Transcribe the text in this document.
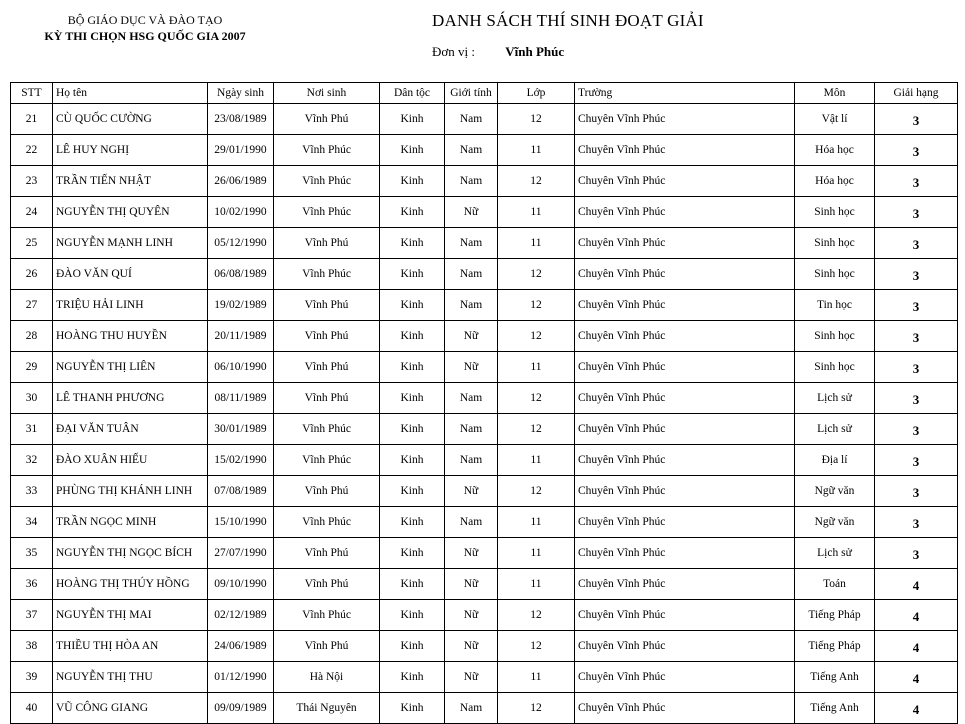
BỘ GIÁO DỤC VÀ ĐÀO TẠO
KỲ THI CHỌN HSG QUỐC GIA 2007
DANH SÁCH THÍ SINH ĐOẠT GIẢI
Đơn vị : Vĩnh Phúc
STT	Họ tên	Ngày sinh	Nơi sinh	Dân tộc	Giới tính	Lớp	Trường	Môn	Giải hạng
21	CÙ QUỐC CƯỜNG	23/08/1989	Vĩnh Phú	Kinh	Nam	12	Chuyên Vĩnh Phúc	Vật lí	3
22	LÊ HUY NGHỊ	29/01/1990	Vĩnh Phúc	Kinh	Nam	11	Chuyên Vĩnh Phúc	Hóa học	3
23	TRẦN TIẾN NHẬT	26/06/1989	Vĩnh Phúc	Kinh	Nam	12	Chuyên Vĩnh Phúc	Hóa học	3
24	NGUYỄN THỊ QUYÊN	10/02/1990	Vĩnh Phúc	Kinh	Nữ	11	Chuyên Vĩnh Phúc	Sinh học	3
25	NGUYỄN MẠNH LINH	05/12/1990	Vĩnh Phú	Kinh	Nam	11	Chuyên Vĩnh Phúc	Sinh học	3
26	ĐÀO VĂN QUÍ	06/08/1989	Vĩnh Phúc	Kinh	Nam	12	Chuyên Vĩnh Phúc	Sinh học	3
27	TRIỆU HẢI LINH	19/02/1989	Vĩnh Phú	Kinh	Nam	12	Chuyên Vĩnh Phúc	Tin học	3
28	HOÀNG THU HUYỀN	20/11/1989	Vĩnh Phú	Kinh	Nữ	12	Chuyên Vĩnh Phúc	Sinh học	3
29	NGUYỄN THỊ LIÊN	06/10/1990	Vĩnh Phú	Kinh	Nữ	11	Chuyên Vĩnh Phúc	Sinh học	3
30	LÊ THANH PHƯƠNG	08/11/1989	Vĩnh Phú	Kinh	Nam	12	Chuyên Vĩnh Phúc	Lịch sử	3
31	ĐẠI VĂN TUÂN	30/01/1989	Vĩnh Phúc	Kinh	Nam	12	Chuyên Vĩnh Phúc	Lịch sử	3
32	ĐÀO XUÂN HIẾU	15/02/1990	Vĩnh Phúc	Kinh	Nam	11	Chuyên Vĩnh Phúc	Địa lí	3
33	PHÙNG THỊ KHÁNH LINH	07/08/1989	Vĩnh Phú	Kinh	Nữ	12	Chuyên Vĩnh Phúc	Ngữ văn	3
34	TRẦN NGỌC MINH	15/10/1990	Vĩnh Phúc	Kinh	Nam	11	Chuyên Vĩnh Phúc	Ngữ văn	3
35	NGUYỄN THỊ NGỌC BÍCH	27/07/1990	Vĩnh Phú	Kinh	Nữ	11	Chuyên Vĩnh Phúc	Lịch sử	3
36	HOÀNG THỊ THÚY HỒNG	09/10/1990	Vĩnh Phú	Kinh	Nữ	11	Chuyên Vĩnh Phúc	Toán	4
37	NGUYỄN THỊ MAI	02/12/1989	Vĩnh Phúc	Kinh	Nữ	12	Chuyên Vĩnh Phúc	Tiếng Pháp	4
38	THIỀU THỊ HÒA AN	24/06/1989	Vĩnh Phú	Kinh	Nữ	12	Chuyên Vĩnh Phúc	Tiếng Pháp	4
39	NGUYỄN THỊ THU	01/12/1990	Hà Nội	Kinh	Nữ	11	Chuyên Vĩnh Phúc	Tiếng Anh	4
40	VŨ CÔNG GIANG	09/09/1989	Thái Nguyên	Kinh	Nam	12	Chuyên Vĩnh Phúc	Tiếng Anh	4
